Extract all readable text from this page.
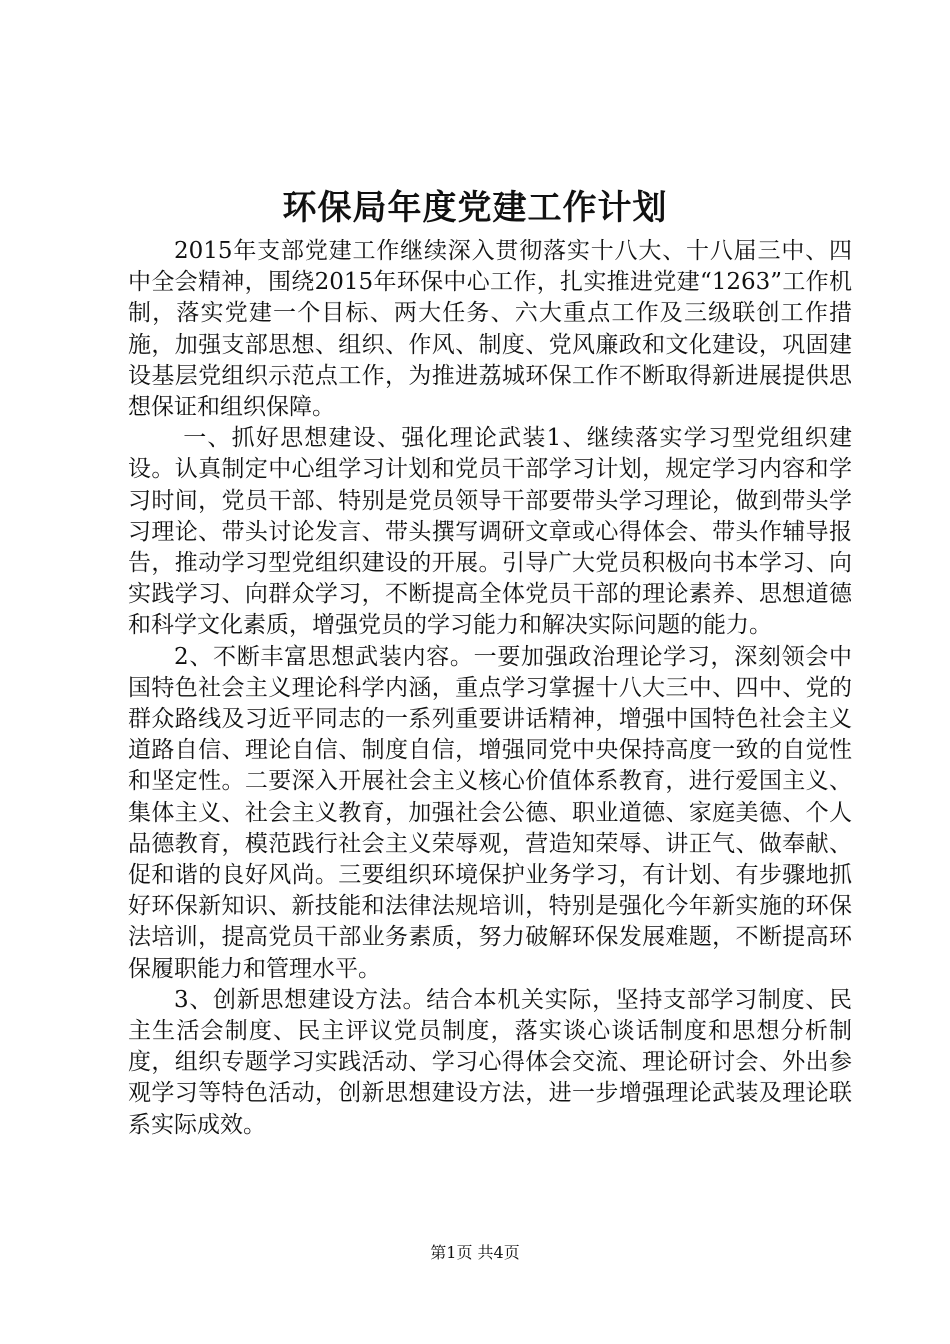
环保局年度党建工作计划

2015年支部党建工作继续深入贯彻落实十八大、十八届三中、四中全会精神，围绕2015年环保中心工作，扎实推进党建“1263”工作机制，落实党建一个目标、两大任务、六大重点工作及三级联创工作措施，加强支部思想、组织、作风、制度、党风廉政和文化建设，巩固建设基层党组织示范点工作，为推进荔城环保工作不断取得新进展提供思想保证和组织保障。

一、抓好思想建设、强化理论武装1、继续落实学习型党组织建设。认真制定中心组学习计划和党员干部学习计划，规定学习内容和学习时间，党员干部、特别是党员领导干部要带头学习理论，做到带头学习理论、带头讨论发言、带头撰写调研文章或心得体会、带头作辅导报告，推动学习型党组织建设的开展。引导广大党员积极向书本学习、向实践学习、向群众学习，不断提高全体党员干部的理论素养、思想道德和科学文化素质，增强党员的学习能力和解决实际问题的能力。

2、不断丰富思想武装内容。一要加强政治理论学习，深刻领会中国特色社会主义理论科学内涵，重点学习掌握十八大三中、四中、党的群众路线及习近平同志的一系列重要讲话精神，增强中国特色社会主义道路自信、理论自信、制度自信，增强同党中央保持高度一致的自觉性和坚定性。二要深入开展社会主义核心价值体系教育，进行爱国主义、集体主义、社会主义教育，加强社会公德、职业道德、家庭美德、个人品德教育，模范践行社会主义荣辱观，营造知荣辱、讲正气、做奉献、促和谐的良好风尚。三要组织环境保护业务学习，有计划、有步骤地抓好环保新知识、新技能和法律法规培训，特别是强化今年新实施的环保法培训，提高党员干部业务素质，努力破解环保发展难题，不断提高环保履职能力和管理水平。

3、创新思想建设方法。结合本机关实际，坚持支部学习制度、民主生活会制度、民主评议党员制度，落实谈心谈话制度和思想分析制度，组织专题学习实践活动、学习心得体会交流、理论研讨会、外出参观学习等特色活动，创新思想建设方法，进一步增强理论武装及理论联系实际成效。

第1页 共4页
